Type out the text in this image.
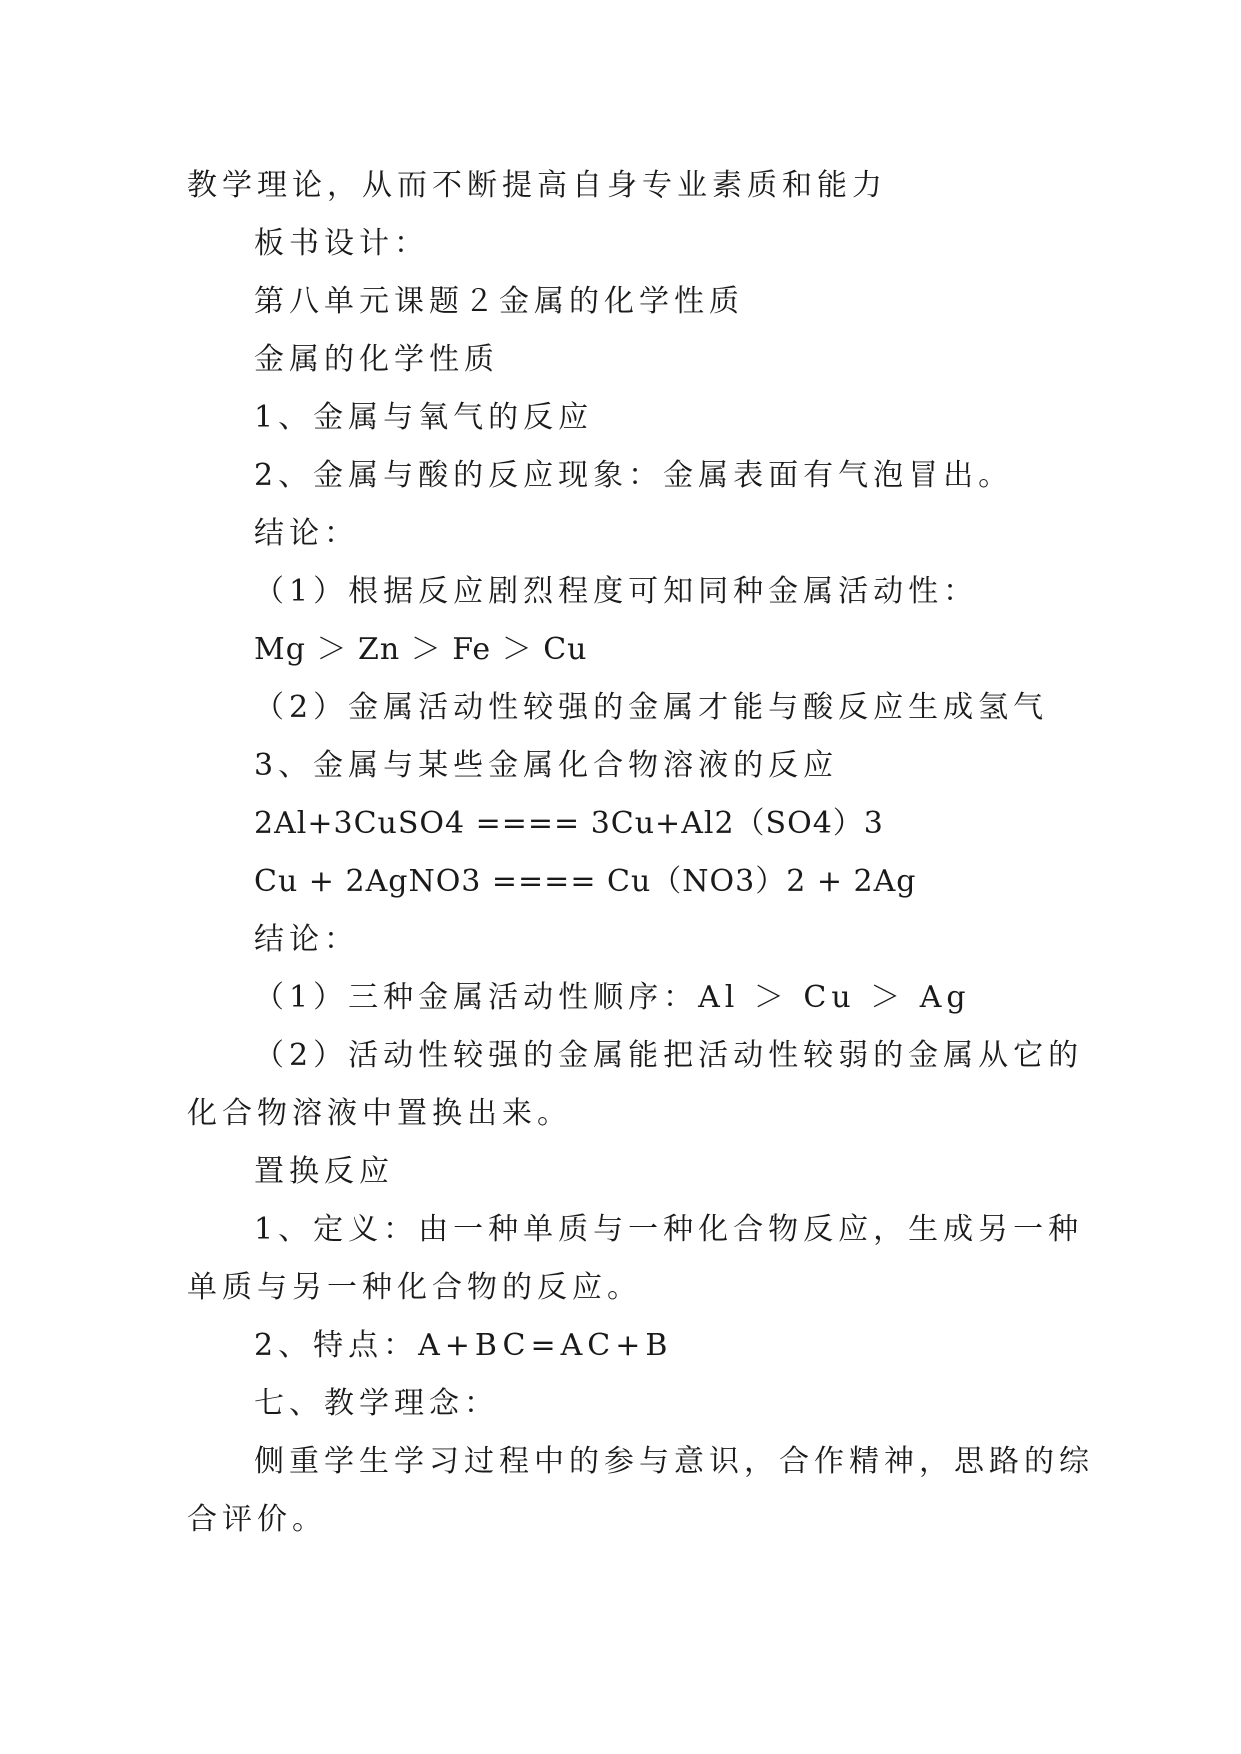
教学理论，从而不断提高自身专业素质和能力
板书设计：
第八单元课题２金属的化学性质
金属的化学性质
1、金属与氧气的反应
2、金属与酸的反应现象：金属表面有气泡冒出。
结论：
（1）根据反应剧烈程度可知同种金属活动性：
Mg ＞ Zn ＞ Fe ＞ Cu
（2）金属活动性较强的金属才能与酸反应生成氢气
3、金属与某些金属化合物溶液的反应
2Al+3CuSO4 ==== 3Cu+Al2（SO4）3
Cu + 2AgNO3 ==== Cu（NO3）2 + 2Ag
结论：
（1）三种金属活动性顺序：Al ＞ Cu ＞ Ag
（2）活动性较强的金属能把活动性较弱的金属从它的
化合物溶液中置换出来。
置换反应
1、定义：由一种单质与一种化合物反应，生成另一种
单质与另一种化合物的反应。
2、特点：A+BC=AC+B
七、教学理念：
侧重学生学习过程中的参与意识，合作精神，思路的综
合评价。
